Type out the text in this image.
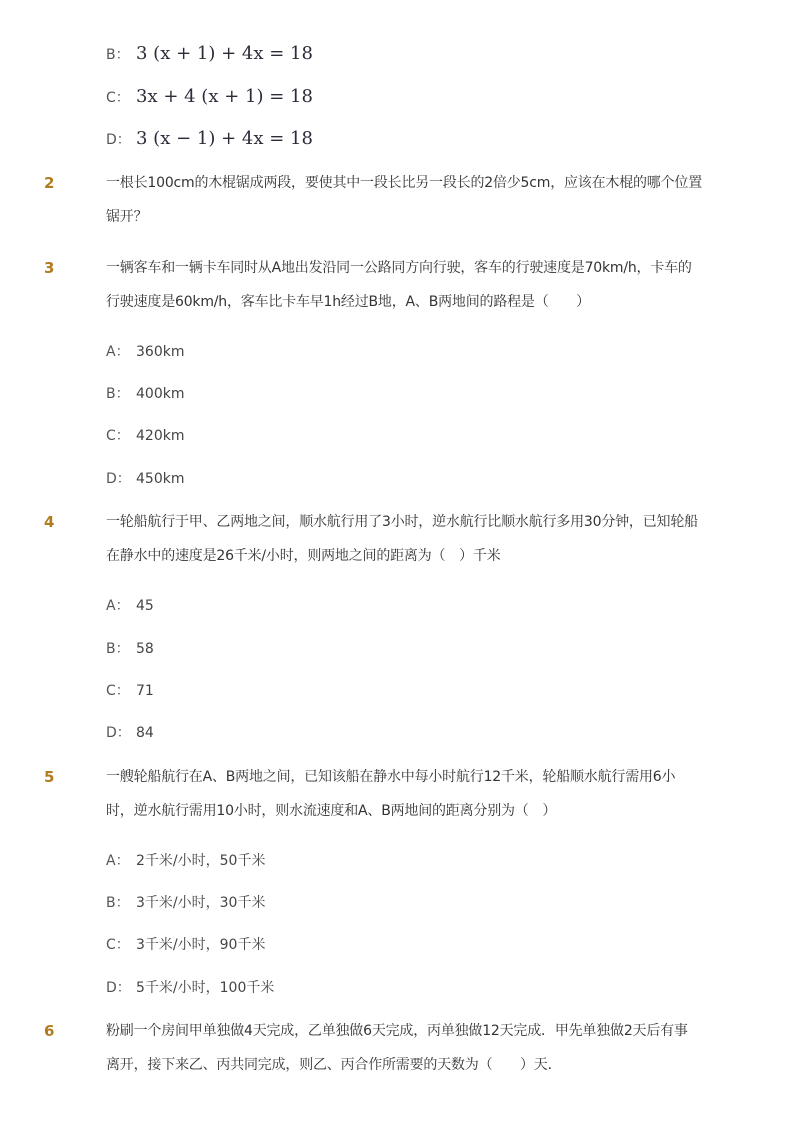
B： 3 (x + 1) + 4x = 18
C： 3x + 4 (x + 1) = 18
D： 3 (x − 1) + 4x = 18
2	一根长100cm的木棍锯成两段，要使其中一段长比另一段长的2倍少5cm，应该在木棍的哪个位置
锯开？
3	一辆客车和一辆卡车同时从A地出发沿同一公路同方向行驶，客车的行驶速度是70km/h，卡车的
行驶速度是60km/h，客车比卡车早1h经过B地，A、B两地间的路程是（　　）
A： 360km
B： 400km
C： 420km
D： 450km
4	一轮船航行于甲、乙两地之间，顺水航行用了3小时，逆水航行比顺水航行多用30分钟，已知轮船
在静水中的速度是26千米/小时，则两地之间的距离为（　）千米
A： 45
B： 58
C： 71
D： 84
5	一艘轮船航行在A、B两地之间，已知该船在静水中每小时航行12千米，轮船顺水航行需用6小
时，逆水航行需用10小时，则水流速度和A、B两地间的距离分别为（　）
A： 2千米/小时，50千米
B： 3千米/小时，30千米
C： 3千米/小时，90千米
D： 5千米/小时，100千米
6	粉刷一个房间甲单独做4天完成，乙单独做6天完成，丙单独做12天完成．甲先单独做2天后有事
离开，接下来乙、丙共同完成，则乙、丙合作所需要的天数为（　　）天．
